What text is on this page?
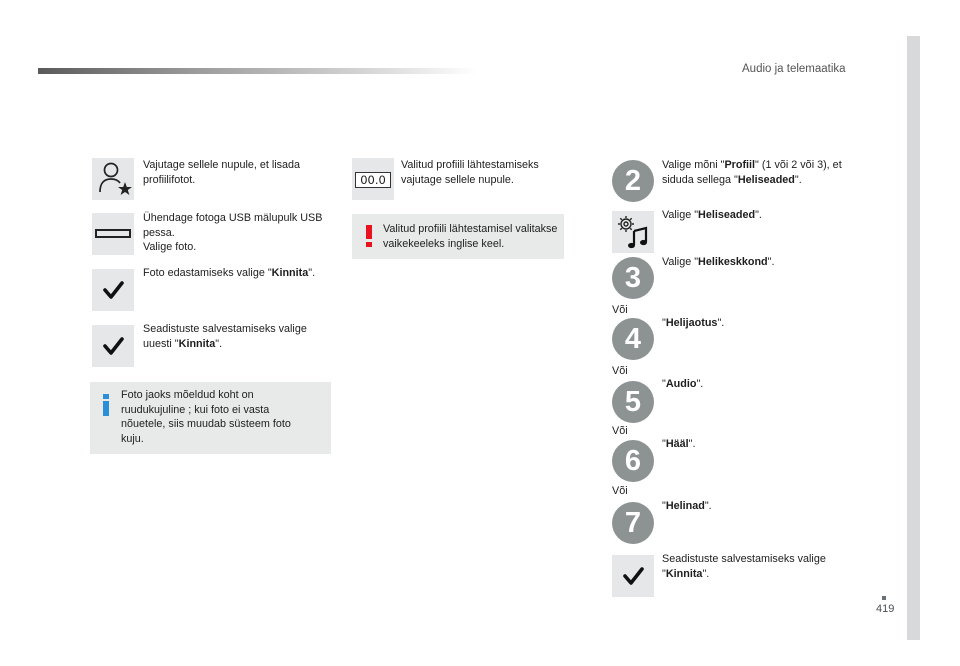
Audio ja telemaatika
419
Vajutage sellele nupule, et lisada profiilifotot.
Ühendage fotoga USB mälupulk USB pessa.
Valige foto.
Foto edastamiseks valige "Kinnita".
Seadistuste salvestamiseks valige uuesti "Kinnita".
Foto jaoks mõeldud koht on ruudukujuline ; kui foto ei vasta nõuetele, siis muudab süsteem foto kuju.
00.0
Valitud profiili lähtestamiseks vajutage sellele nupule.
Valitud profiili lähtestamisel valitakse vaikekeeleks inglise keel.
2	Valige mõni "Profiil" (1 või 2 või 3), et siduda sellega "Heliseaded".
Valige "Heliseaded".
3	Valige "Helikeskkond".
Või
4	"Helijaotus".
Või
5
"Audio".
Või
6
"Hääl".
Või
7
"Helinad".
Seadistuste salvestamiseks valige "Kinnita".
